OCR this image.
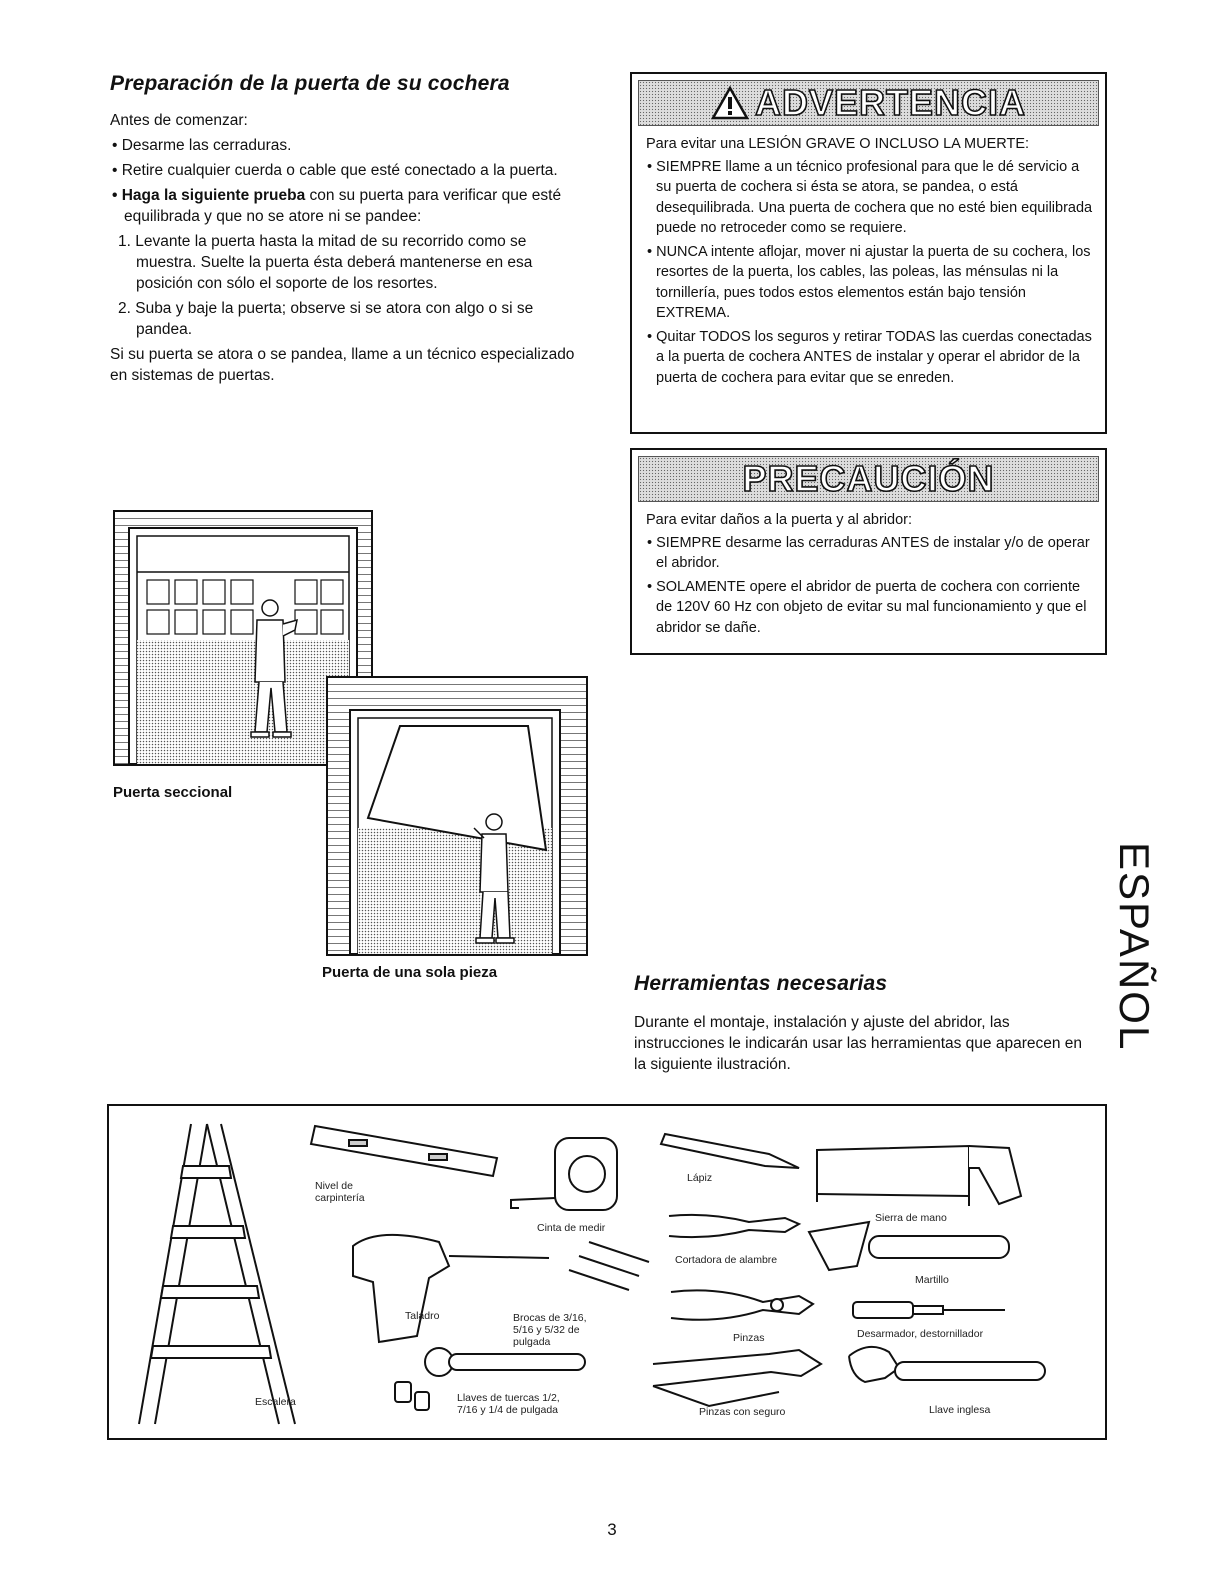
Preparación de la puerta de su cochera

Antes de comenzar:

• Desarme las cerraduras.

• Retire cualquier cuerda o cable que esté conectado a la puerta.

• Haga la siguiente prueba con su puerta para verificar que esté equilibrada y que no se atore ni se pandee:

1. Levante la puerta hasta la mitad de su recorrido como se muestra. Suelte la puerta ésta deberá mantenerse en esa posición con sólo el soporte de los resortes.

2. Suba y baje la puerta; observe si se atora con algo o si se pandea.

Si su puerta se atora o se pandea, llame a un técnico especializado en sistemas de puertas.

ADVERTENCIA

Para evitar una LESIÓN GRAVE O INCLUSO LA MUERTE:

• SIEMPRE llame a un técnico profesional para que le dé servicio a su puerta de cochera si ésta se atora, se pandea, o está desequilibrada. Una puerta de cochera que no esté bien equilibrada puede no retroceder como se requiere.

• NUNCA intente aflojar, mover ni ajustar la puerta de su cochera, los resortes de la puerta, los cables, las poleas, las ménsulas ni la tornillería, pues todos estos elementos están bajo tensión EXTREMA.

• Quitar TODOS los seguros y retirar TODAS las cuerdas conectadas a la puerta de cochera ANTES de instalar y operar el abridor de la puerta de cochera para evitar que se enreden.

PRECAUCIÓN

Para evitar daños a la puerta y al abridor:

• SIEMPRE desarme las cerraduras ANTES de instalar y/o de operar el abridor.

• SOLAMENTE opere el abridor de puerta de cochera con corriente de 120V 60 Hz con objeto de evitar su mal funcionamiento y que el abridor se dañe.

Puerta seccional
Puerta de una sola pieza	Herramientas necesarias

Durante el montaje, instalación y ajuste del abridor, las instrucciones le indicarán usar las herramientas que aparecen en la siguiente ilustración.

ESPAÑOL
Nivel de carpintería
Cinta de medir
Lápiz
Sierra de mano
Cortadora de alambre
Martillo
Taladro	Brocas de 3/16, 5/16 y 5/32 de pulgada	Pinzas	Desarmador, destornillador
Escalera	Llaves de tuercas 1/2, 7/16 y 1/4 de pulgada	Pinzas con seguro	Llave inglesa
3
